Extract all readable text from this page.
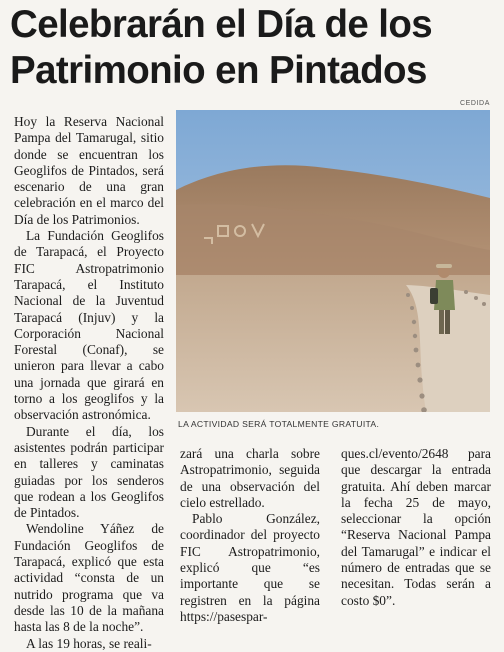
Celebrarán el Día de los
Patrimonio en Pintados

Hoy la Reserva Nacional Pampa del Tamarugal, sitio donde se encuentran los Geoglifos de Pintados, será escenario de una gran celebración en el marco del Día de los Patrimonios.

La Fundación Geoglifos de Tarapacá, el Proyecto FIC Astropatrimonio Tarapacá, el Instituto Nacional de la Juventud Tarapacá (Injuv) y la Corporación Nacional Forestal (Conaf), se unieron para llevar a cabo una jornada que girará en torno a los geoglifos y la observación astronómica.

Durante el día, los asistentes podrán participar en talleres y caminatas guiadas por los senderos que rodean a los Geoglifos de Pintados.

Wendoline Yáñez de Fundación Geoglifos de Tarapacá, explicó que esta actividad “consta de un nutrido programa que va desde las 10 de la mañana hasta las 8 de la noche”.

A las 19 horas, se reali-

CEDIDA
LA ACTIVIDAD SERÁ TOTALMENTE GRATUITA.

zará una charla sobre Astropatrimonio, seguida de una observación del cielo estrellado.

Pablo González, coordinador del proyecto FIC Astropatrimonio, explicó que “es importante que se registren en la página https://pasespar-

ques.cl/evento/2648 para que descargar la entrada gratuita. Ahí deben marcar la fecha 25 de mayo, seleccionar la opción “Reserva Nacional Pampa del Tamarugal” e indicar el número de entradas que se necesitan. Todas serán a costo $0”.
